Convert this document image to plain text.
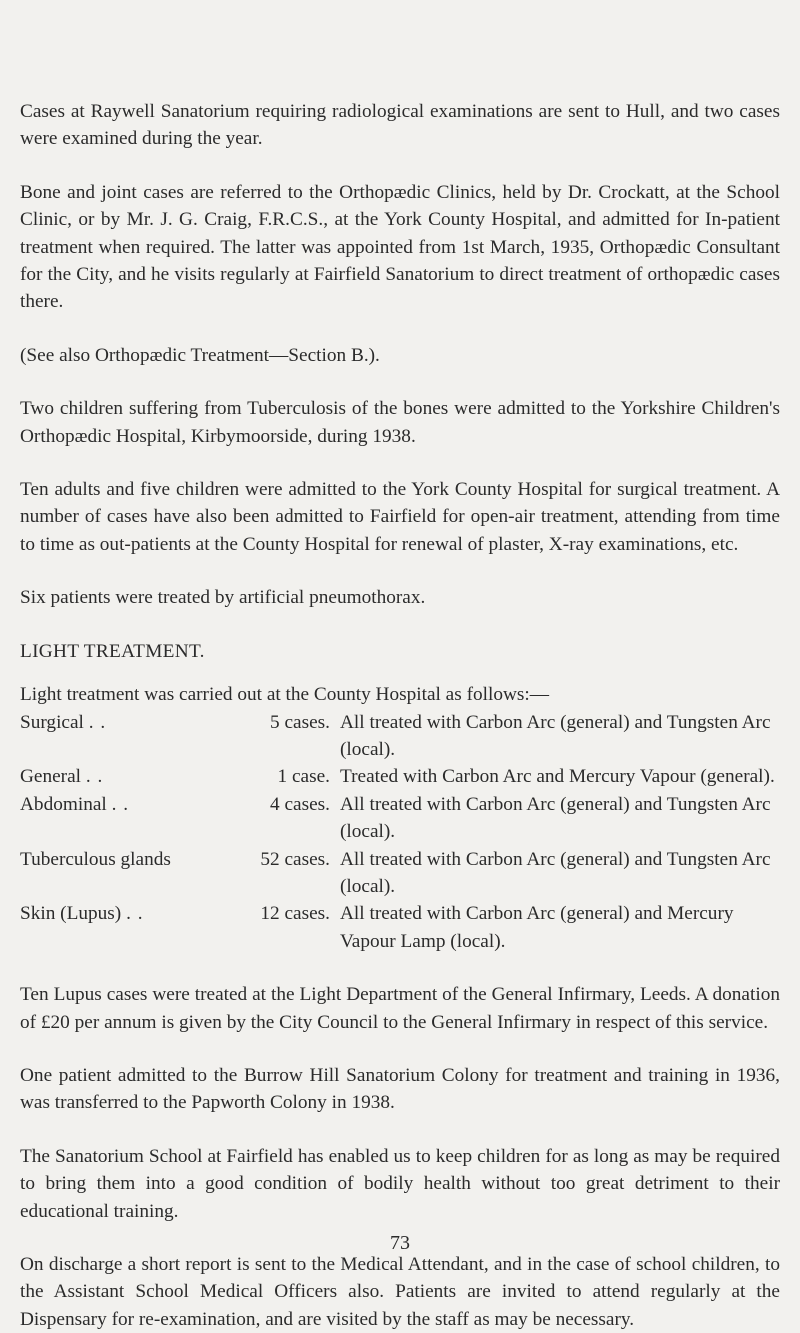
Cases at Raywell Sanatorium requiring radiological examinations are sent to Hull, and two cases were examined during the year.

Bone and joint cases are referred to the Orthopædic Clinics, held by Dr. Crockatt, at the School Clinic, or by Mr. J. G. Craig, F.R.C.S., at the York County Hospital, and admitted for In-patient treatment when required. The latter was appointed from 1st March, 1935, Orthopædic Consultant for the City, and he visits regularly at Fairfield Sanatorium to direct treatment of orthopædic cases there.

(See also Orthopædic Treatment—Section B.).

Two children suffering from Tuberculosis of the bones were admitted to the Yorkshire Children's Orthopædic Hospital, Kirbymoorside, during 1938.

Ten adults and five children were admitted to the York County Hospital for surgical treatment. A number of cases have also been admitted to Fairfield for open-air treatment, attending from time to time as out-patients at the County Hospital for renewal of plaster, X-ray examinations, etc.

Six patients were treated by artificial pneumothorax.

LIGHT TREATMENT.

Light treatment was carried out at the County Hospital as follows:—

Surgical . .	5 cases.	All treated with Carbon Arc (general) and Tungsten Arc (local).
General . .	1 case.	Treated with Carbon Arc and Mercury Vapour (general).
Abdominal . .	4 cases.	All treated with Carbon Arc (general) and Tungsten Arc (local).
Tuberculous glands	52 cases.	All treated with Carbon Arc (general) and Tungsten Arc (local).
Skin (Lupus) . .	12 cases.	All treated with Carbon Arc (general) and Mercury Vapour Lamp (local).

Ten Lupus cases were treated at the Light Department of the General Infirmary, Leeds. A donation of £20 per annum is given by the City Council to the General Infirmary in respect of this service.

One patient admitted to the Burrow Hill Sanatorium Colony for treatment and training in 1936, was transferred to the Papworth Colony in 1938.

The Sanatorium School at Fairfield has enabled us to keep children for as long as may be required to bring them into a good condition of bodily health without too great detriment to their educational training.

On discharge a short report is sent to the Medical Attendant, and in the case of school children, to the Assistant School Medical Officers also. Patients are invited to attend regularly at the Dispensary for re-examination, and are visited by the staff as may be necessary.

73
